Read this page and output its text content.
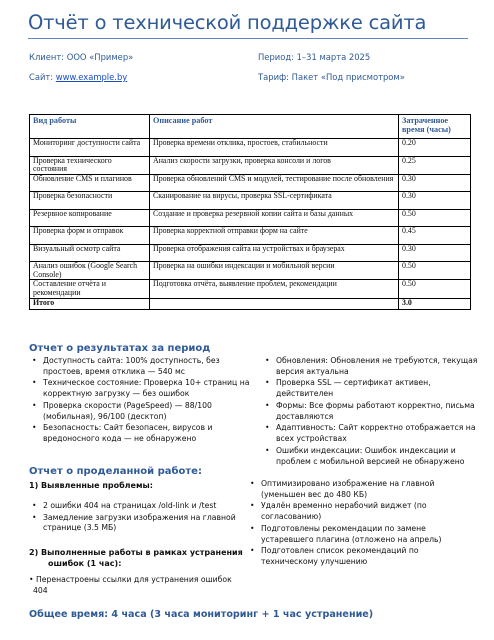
Отчёт о технической поддержке сайта
Клиент: ООО «Пример»	Период: 1–31 марта 2025
Сайт: www.example.by	Тариф: Пакет «Под присмотром»
Вид работы	Описание работ	Затраченное время (часы)
Мониторинг доступности сайта	Проверка времени отклика, простоев, стабильности	0.20
Проверка технического состояния	Анализ скорости загрузки, проверка консоли и логов	0.25
Обновление CMS и плагинов	Проверка обновлений CMS и модулей, тестирование после обновления	0.30
Проверка безопасности	Сканирование на вирусы, проверка SSL-сертификата	0.30
Резервное копирование	Создание и проверка резервной копии сайта и базы данных	0.50
Проверка форм и отправок	Проверка корректной отправки форм на сайте	0.45
Визуальный осмотр сайта	Проверка отображения сайта на устройствах и браузерах	0.30
Анализ ошибок (Google Search Console)	Проверка на ошибки индексации и мобильной версии	0.50
Составление отчёта и рекомендации	Подготовка отчёта, выявление проблем, рекомендации	0.50
Итого		3.0
Отчет о результатах за период
• Доступность сайта: 100% доступность, без простоев, время отклика — 540 мс
• Техническое состояние: Проверка 10+ страниц на корректную загрузку — без ошибок
• Проверка скорости (PageSpeed) — 88/100 (мобильная), 96/100 (десктоп)
• Безопасность: Сайт безопасен, вирусов и вредоносного кода — не обнаружено
• Обновления: Обновления не требуются, текущая версия актуальна
• Проверка SSL — сертификат активен, действителен
• Формы: Все формы работают корректно, письма доставляются
• Адаптивность: Сайт корректно отображается на всех устройствах
• Ошибки индексации: Ошибок индексации и проблем с мобильной версией не обнаружено
Отчет о проделанной работе:
1) Выявленные проблемы:
• 2 ошибки 404 на страницах /old-link и /test
• Замедление загрузки изображения на главной странице (3.5 МБ)
2) Выполненные работы в рамках устранения
ошибок (1 час):
• Перенастроены ссылки для устранения ошибок
404
• Оптимизировано изображение на главной (уменьшен вес до 480 КБ)
• Удалён временно нерабочий виджет (по согласованию)
• Подготовлены рекомендации по замене устаревшего плагина (отложено на апрель)
• Подготовлен список рекомендаций по техническому улучшению
Общее время: 4 часа (3 часа мониторинг + 1 час устранение)
